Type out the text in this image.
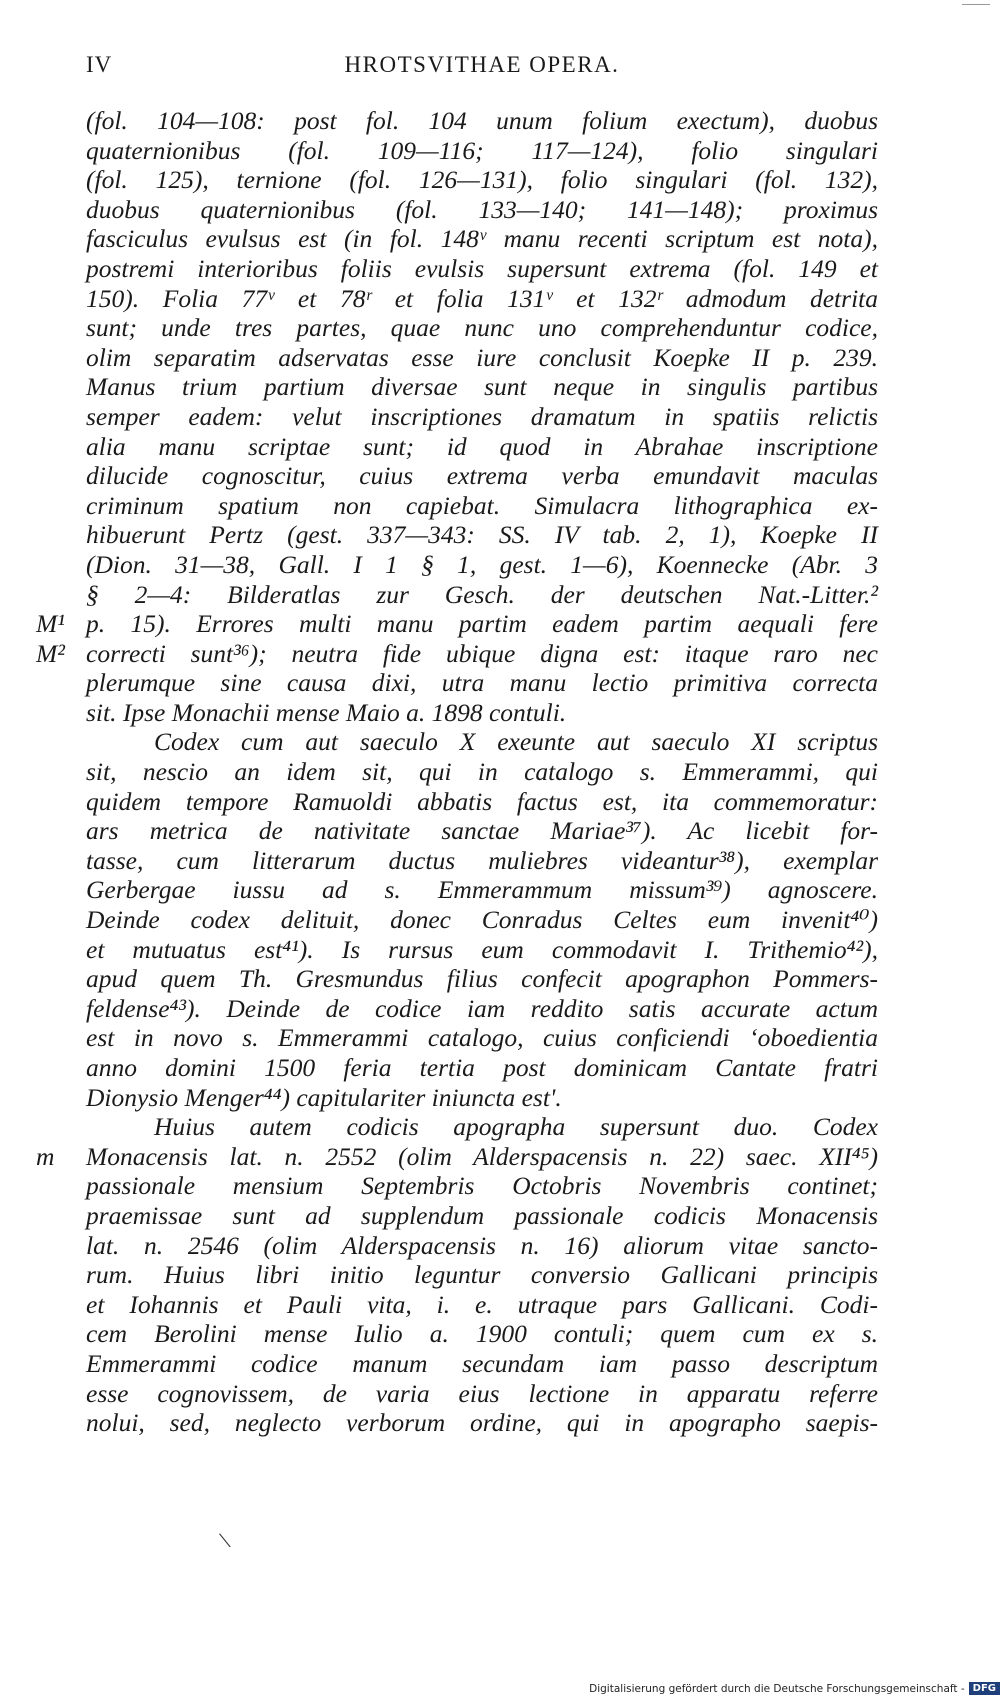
IV	HROTSVITHAE OPERA.
(fol. 104—108: post fol. 104 unum folium exectum), duobus
quaternionibus (fol. 109—116; 117—124), folio singulari
(fol. 125), ternione (fol. 126—131), folio singulari (fol. 132),
duobus quaternionibus (fol. 133—140; 141—148); proximus
fasciculus evulsus est (in fol. 148ᵛ manu recenti scriptum est nota),
postremi interioribus foliis evulsis supersunt extrema (fol. 149 et
150). Folia 77ᵛ et 78ʳ et folia 131ᵛ et 132ʳ admodum detrita
sunt; unde tres partes, quae nunc uno comprehenduntur codice,
olim separatim adservatas esse iure conclusit Koepke II p. 239.
Manus trium partium diversae sunt neque in singulis partibus
semper eadem: velut inscriptiones dramatum in spatiis relictis
alia manu scriptae sunt; id quod in Abrahae inscriptione
dilucide cognoscitur, cuius extrema verba emundavit maculas
criminum spatium non capiebat. Simulacra lithographica ex-
hibuerunt Pertz (gest. 337—343: SS. IV tab. 2, 1), Koepke II
(Dion. 31—38, Gall. I 1 § 1, gest. 1—6), Koennecke (Abr. 3
§ 2—4: Bilderatlas zur Gesch. der deutschen Nat.-Litter.²
p. 15). Errores multi manu partim eadem partim aequali fere
M¹
correcti sunt³⁶); neutra fide ubique digna est: itaque raro nec
M²
plerumque sine causa dixi, utra manu lectio primitiva correcta
sit. Ipse Monachii mense Maio a. 1898 contuli.
Codex cum aut saeculo X exeunte aut saeculo XI scriptus
sit, nescio an idem sit, qui in catalogo s. Emmerammi, qui
quidem tempore Ramuoldi abbatis factus est, ita commemoratur:
ars metrica de nativitate sanctae Mariae³⁷). Ac licebit for-
tasse, cum litterarum ductus muliebres videantur³⁸), exemplar
Gerbergae iussu ad s. Emmerammum missum³⁹) agnoscere.
Deinde codex delituit, donec Conradus Celtes eum invenit⁴⁰)
et mutuatus est⁴¹). Is rursus eum commodavit I. Trithemio⁴²),
apud quem Th. Gresmundus filius confecit apographon Pommers-
feldense⁴³). Deinde de codice iam reddito satis accurate actum
est in novo s. Emmerammi catalogo, cuius conficiendi ʻoboedientia
anno domini 1500 feria tertia post dominicam Cantate fratri
Dionysio Menger⁴⁴) capitulariter iniuncta est'.
Huius autem codicis apographa supersunt duo. Codex
Monacensis lat. n. 2552 (olim Alderspacensis n. 22) saec. XII⁴⁵)
m
passionale mensium Septembris Octobris Novembris continet;
praemissae sunt ad supplendum passionale codicis Monacensis
lat. n. 2546 (olim Alderspacensis n. 16) aliorum vitae sancto-
rum. Huius libri initio leguntur conversio Gallicani principis
et Iohannis et Pauli vita, i. e. utraque pars Gallicani. Codi-
cem Berolini mense Iulio a. 1900 contuli; quem cum ex s.
Emmerammi codice manum secundam iam passo descriptum
esse cognovissem, de varia eius lectione in apparatu referre
nolui, sed, neglecto verborum ordine, qui in apographo saepis-
\
Digitalisierung gefördert durch die Deutsche Forschungsgemeinschaft - DFG
